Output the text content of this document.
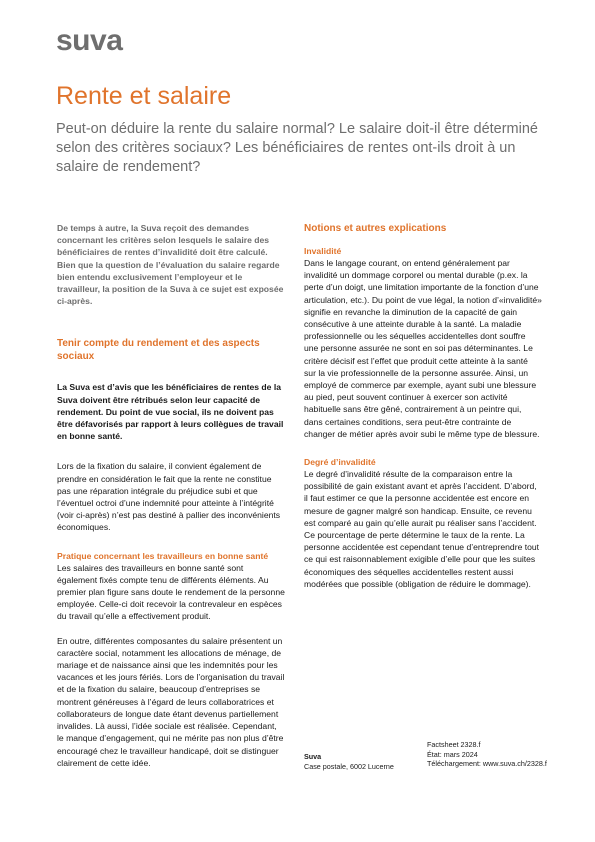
suva
Rente et salaire

Peut-on déduire la rente du salaire normal? Le salaire doit-il être déterminé selon des critères sociaux? Les bénéficiaires de rentes ont-ils droit à un salaire de rendement?

De temps à autre, la Suva reçoit des demandes concernant les critères selon lesquels le salaire des bénéficiaires de rentes d’invalidité doit être calculé. Bien que la question de l’évaluation du salaire regarde bien entendu exclusivement l’employeur et le travailleur, la position de la Suva à ce sujet est exposée ci-après.

Tenir compte du rendement et des aspects sociaux

La Suva est d’avis que les bénéficiaires de rentes de la Suva doivent être rétribués selon leur capacité de rendement. Du point de vue social, ils ne doivent pas être défavorisés par rapport à leurs collègues de travail en bonne santé.

Lors de la fixation du salaire, il convient également de prendre en considération le fait que la rente ne constitue pas une réparation intégrale du préjudice subi et que l’éventuel octroi d’une indemnité pour atteinte à l’intégrité (voir ci-après) n’est pas destiné à pallier des inconvénients économiques.

Pratique concernant les travailleurs en bonne santé

Les salaires des travailleurs en bonne santé sont également fixés compte tenu de différents éléments. Au premier plan figure sans doute le rendement de la personne employée. Celle-ci doit recevoir la contrevaleur en espèces du travail qu’elle a effectivement produit.

En outre, différentes composantes du salaire présentent un caractère social, notamment les allocations de ménage, de mariage et de naissance ainsi que les indemnités pour les vacances et les jours fériés. Lors de l’organisation du travail et de la fixation du salaire, beaucoup d’entreprises se montrent généreuses à l’égard de leurs collaboratrices et collaborateurs de longue date étant devenus partiellement invalides. Là aussi, l’idée sociale est réalisée. Cependant, le manque d’engagement, qui ne mérite pas non plus d’être encouragé chez le travailleur handicapé, doit se distinguer clairement de cette idée.

Notions et autres explications
Invalidité

Dans le langage courant, on entend généralement par invalidité un dommage corporel ou mental durable (p.ex. la perte d’un doigt, une limitation importante de la fonction d’une articulation, etc.). Du point de vue légal, la notion d’«invalidité» signifie en revanche la diminution de la capacité de gain consécutive à une atteinte durable à la santé. La maladie professionnelle ou les séquelles accidentelles dont souffre une personne assurée ne sont en soi pas déterminantes. Le critère décisif est l’effet que produit cette atteinte à la santé sur la vie professionnelle de la personne assurée. Ainsi, un employé de commerce par exemple, ayant subi une blessure au pied, peut souvent continuer à exercer son activité habituelle sans être gêné, contrairement à un peintre qui, dans certaines conditions, sera peut-être contrainte de changer de métier après avoir subi le même type de blessure.

Degré d’invalidité

Le degré d’invalidité résulte de la comparaison entre la possibilité de gain existant avant et après l’accident. D’abord, il faut estimer ce que la personne accidentée est encore en mesure de gagner malgré son handicap. Ensuite, ce revenu est comparé au gain qu’elle aurait pu réaliser sans l’accident. Ce pourcentage de perte détermine le taux de la rente. La personne accidentée est cependant tenue d’entreprendre tout ce qui est raisonnablement exigible d’elle pour que les suites économiques des séquelles accidentelles restent aussi modérées que possible (obligation de réduire le dommage).

Suva
Case postale, 6002 Lucerne
Factsheet 2328.f
État: mars 2024
Téléchargement: www.suva.ch/2328.f
